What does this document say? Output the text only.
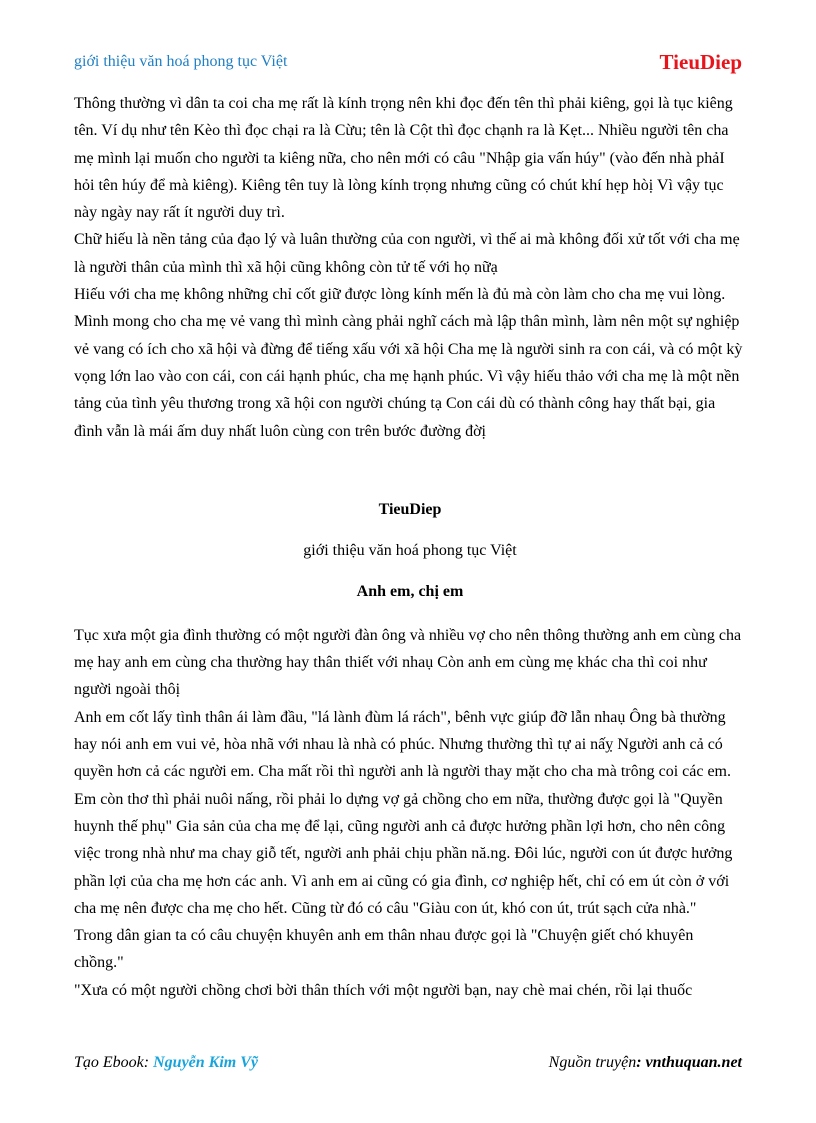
giới thiệu văn hoá phong tục Việt	TieuDiep

Thông thường vì dân ta coi cha mẹ rất là kính trọng nên khi đọc đến tên thì phải kiêng, gọi là tục kiêng tên. Ví dụ như tên Kèo thì đọc chại ra là Cừu; tên là Cột thì đọc chạnh ra là Kẹt... Nhiều người tên cha mẹ mình lại muốn cho người ta kiêng nữa, cho nên mới có câu "Nhập gia vấn húy" (vào đến nhà phảI hỏi tên húy để mà kiêng). Kiêng tên tuy là lòng kính trọng nhưng cũng có chút khí hẹp hòị Vì vậy tục này ngày nay rất ít người duy trì.

Chữ hiếu là nền tảng của đạo lý và luân thường của con người, vì thế ai mà không đối xử tốt với cha mẹ là người thân của mình thì xã hội cũng không còn tử tế với họ nữạ

Hiếu với cha mẹ không những chỉ cốt giữ được lòng kính mến là đủ mà còn làm cho cha mẹ vui lòng. Mình mong cho cha mẹ vẻ vang thì mình càng phải nghĩ cách mà lập thân mình, làm nên một sự nghiệp vẻ vang có ích cho xã hội và đừng để tiếng xấu với xã hội Cha mẹ là người sinh ra con cái, và có một kỳ vọng lớn lao vào con cái, con cái hạnh phúc, cha mẹ hạnh phúc. Vì vậy hiếu thảo với cha mẹ là một nền tảng của tình yêu thương trong xã hội con người chúng tạ Con cái dù có thành công hay thất bại, gia đình vẫn là mái ấm duy nhất luôn cùng con trên bước đường đờị

TieuDiep

giới thiệu văn hoá phong tục Việt

Anh em, chị em

Tục xưa một gia đình thường có một người đàn ông và nhiều vợ cho nên thông thường anh em cùng cha mẹ hay anh em cùng cha thường hay thân thiết với nhaụ Còn anh em cùng mẹ khác cha thì coi như người ngoài thôị

Anh em cốt lấy tình thân ái làm đầu, "lá lành đùm lá rách", bênh vực giúp đỡ lẫn nhaụ Ông bà thường hay nói anh em vui vẻ, hòa nhã với nhau là nhà có phúc. Nhưng thường thì tự ai nấỵ Người anh cả có quyền hơn cả các người em. Cha mất rồi thì người anh là người thay mặt cho cha mà trông coi các em. Em còn thơ thì phải nuôi nấng, rồi phải lo dựng vợ gả chồng cho em nữa, thường được gọi là "Quyền huynh thế phụ" Gia sản của cha mẹ để lại, cũng người anh cả được hưởng phần lợi hơn, cho nên công việc trong nhà như ma chay giỗ tết, người anh phải chịu phần nă.ng. Đôi lúc, người con út được hưởng phần lợi của cha mẹ hơn các anh. Vì anh em ai cũng có gia đình, cơ nghiệp hết, chỉ có em út còn ở với cha mẹ nên được cha mẹ cho hết. Cũng từ đó có câu "Giàu con út, khó con út, trút sạch cửa nhà."

Trong dân gian ta có câu chuyện khuyên anh em thân nhau được gọi là "Chuyện giết chó khuyên chồng."

"Xưa có một người chồng chơi bời thân thích với một người bạn, nay chè mai chén, rồi lại thuốc

Tạo Ebook: Nguyễn Kim Vỹ	Nguồn truyện: vnthuquan.net
